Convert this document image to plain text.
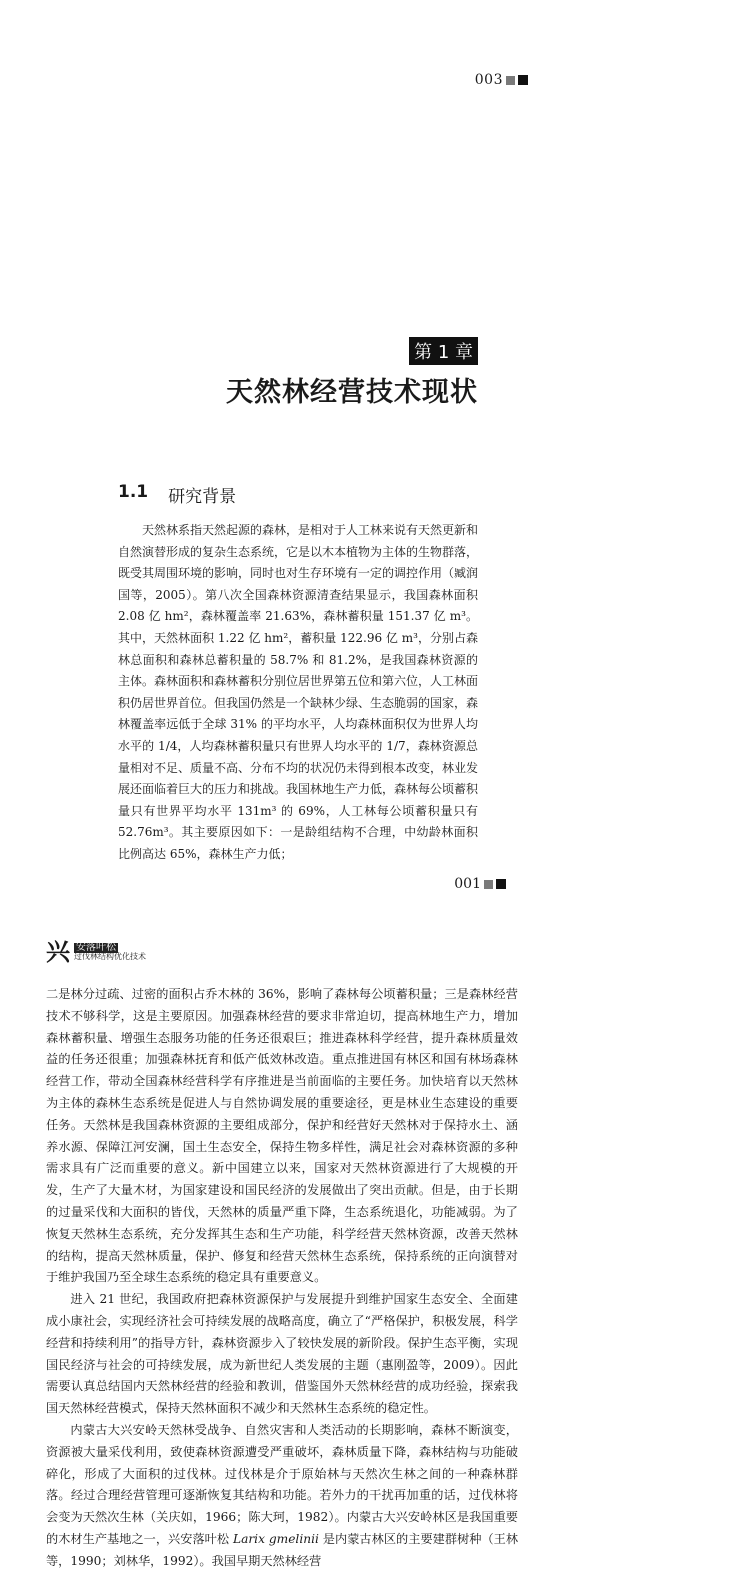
003
第 1 章
天然林经营技术现状
1.1 研究背景

天然林系指天然起源的森林，是相对于人工林来说有天然更新和自然演替形成的复杂生态系统，它是以木本植物为主体的生物群落，既受其周围环境的影响，同时也对生存环境有一定的调控作用（臧润国等，2005）。第八次全国森林资源清查结果显示，我国森林面积 2.08 亿 hm²，森林覆盖率 21.63%，森林蓄积量 151.37 亿 m³。其中，天然林面积 1.22 亿 hm²，蓄积量 122.96 亿 m³，分别占森林总面积和森林总蓄积量的 58.7% 和 81.2%，是我国森林资源的主体。森林面积和森林蓄积分别位居世界第五位和第六位，人工林面积仍居世界首位。但我国仍然是一个缺林少绿、生态脆弱的国家，森林覆盖率远低于全球 31% 的平均水平，人均森林面积仅为世界人均水平的 1/4，人均森林蓄积量只有世界人均水平的 1/7，森林资源总量相对不足、质量不高、分布不均的状况仍未得到根本改变，林业发展还面临着巨大的压力和挑战。我国林地生产力低，森林每公顷蓄积量只有世界平均水平 131m³ 的 69%，人工林每公顷蓄积量只有 52.76m³。其主要原因如下：一是龄组结构不合理，中幼龄林面积比例高达 65%，森林生产力低；

001
兴 安落叶松
过伐林结构优化技术

二是林分过疏、过密的面积占乔木林的 36%，影响了森林每公顷蓄积量；三是森林经营技术不够科学，这是主要原因。加强森林经营的要求非常迫切，提高林地生产力，增加森林蓄积量、增强生态服务功能的任务还很艰巨；推进森林科学经营，提升森林质量效益的任务还很重；加强森林抚育和低产低效林改造。重点推进国有林区和国有林场森林经营工作，带动全国森林经营科学有序推进是当前面临的主要任务。加快培育以天然林为主体的森林生态系统是促进人与自然协调发展的重要途径，更是林业生态建设的重要任务。天然林是我国森林资源的主要组成部分，保护和经营好天然林对于保持水土、涵养水源、保障江河安澜，国土生态安全，保持生物多样性，满足社会对森林资源的多种需求具有广泛而重要的意义。新中国建立以来，国家对天然林资源进行了大规模的开发，生产了大量木材，为国家建设和国民经济的发展做出了突出贡献。但是，由于长期的过量采伐和大面积的皆伐，天然林的质量严重下降，生态系统退化，功能减弱。为了恢复天然林生态系统，充分发挥其生态和生产功能，科学经营天然林资源，改善天然林的结构，提高天然林质量，保护、修复和经营天然林生态系统，保持系统的正向演替对于维护我国乃至全球生态系统的稳定具有重要意义。

进入 21 世纪，我国政府把森林资源保护与发展提升到维护国家生态安全、全面建成小康社会，实现经济社会可持续发展的战略高度，确立了“严格保护，积极发展，科学经营和持续利用”的指导方针，森林资源步入了较快发展的新阶段。保护生态平衡，实现国民经济与社会的可持续发展，成为新世纪人类发展的主题（惠刚盈等，2009）。因此需要认真总结国内天然林经营的经验和教训，借鉴国外天然林经营的成功经验，探索我国天然林经营模式，保持天然林面积不减少和天然林生态系统的稳定性。

内蒙古大兴安岭天然林受战争、自然灾害和人类活动的长期影响，森林不断演变，资源被大量采伐利用，致使森林资源遭受严重破坏，森林质量下降，森林结构与功能破碎化，形成了大面积的过伐林。过伐林是介于原始林与天然次生林之间的一种森林群落。经过合理经营管理可逐渐恢复其结构和功能。若外力的干扰再加重的话，过伐林将会变为天然次生林（关庆如，1966；陈大珂，1982）。内蒙古大兴安岭林区是我国重要的木材生产基地之一，兴安落叶松 Larix gmelinii 是内蒙古林区的主要建群树种（王林等，1990；刘林华，1992）。我国早期天然林经营
